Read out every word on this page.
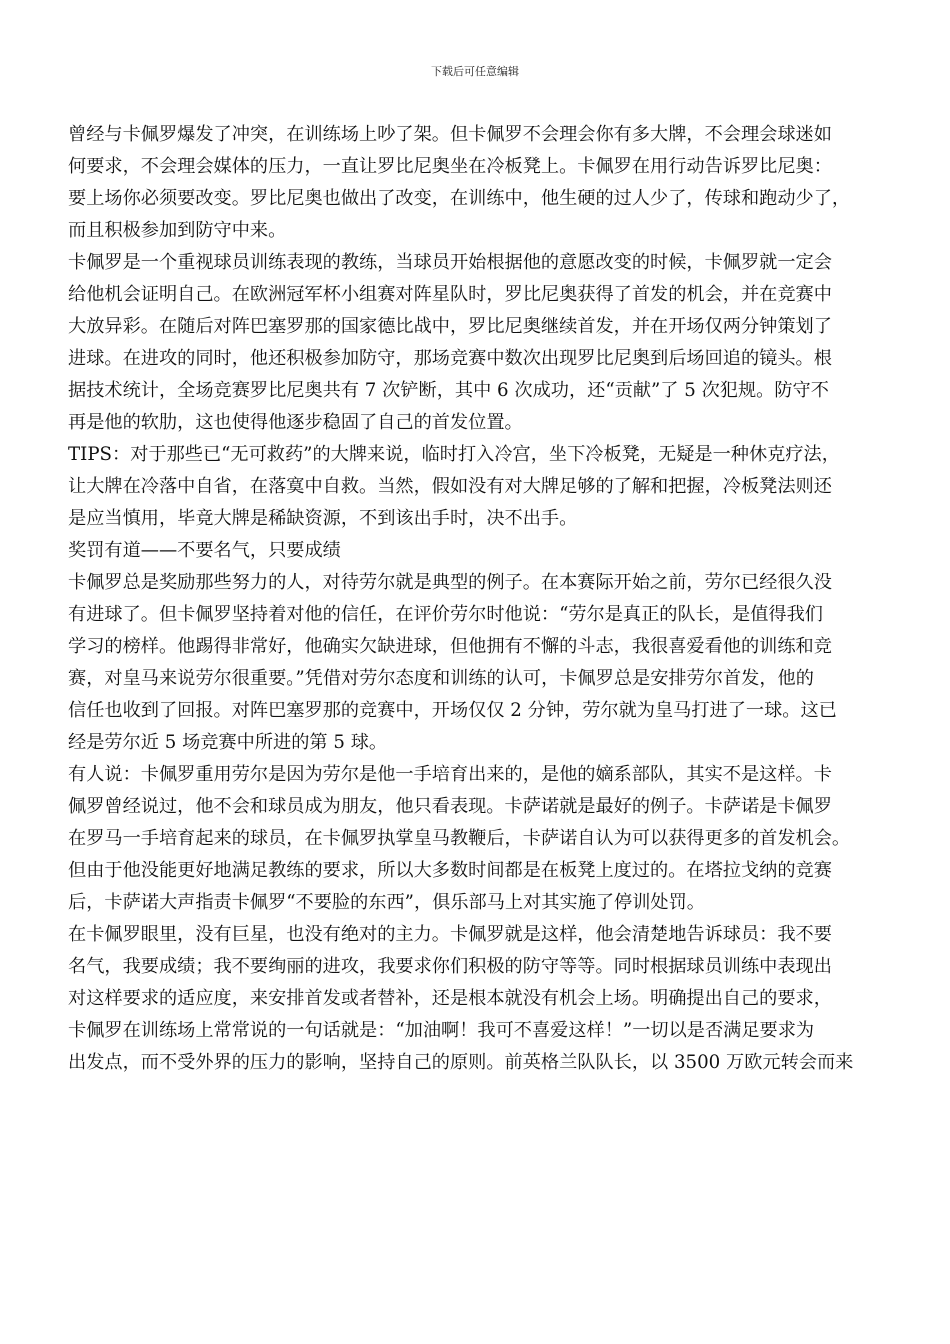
下载后可任意编辑
曾经与卡佩罗爆发了冲突，在训练场上吵了架。但卡佩罗不会理会你有多大牌，不会理会球迷如
何要求，不会理会媒体的压力，一直让罗比尼奥坐在冷板凳上。卡佩罗在用行动告诉罗比尼奥：
要上场你必须要改变。罗比尼奥也做出了改变，在训练中，他生硬的过人少了，传球和跑动少了，
而且积极参加到防守中来。
卡佩罗是一个重视球员训练表现的教练，当球员开始根据他的意愿改变的时候，卡佩罗就一定会
给他机会证明自己。在欧洲冠军杯小组赛对阵星队时，罗比尼奥获得了首发的机会，并在竞赛中
大放异彩。在随后对阵巴塞罗那的国家德比战中，罗比尼奥继续首发，并在开场仅两分钟策划了
进球。在进攻的同时，他还积极参加防守，那场竞赛中数次出现罗比尼奥到后场回追的镜头。根
据技术统计，全场竞赛罗比尼奥共有 7 次铲断，其中 6 次成功，还“贡献”了 5 次犯规。防守不
再是他的软肋，这也使得他逐步稳固了自己的首发位置。
TIPS：对于那些已“无可救药”的大牌来说，临时打入冷宫，坐下冷板凳，无疑是一种休克疗法，
让大牌在冷落中自省，在落寞中自救。当然，假如没有对大牌足够的了解和把握，冷板凳法则还
是应当慎用，毕竟大牌是稀缺资源，不到该出手时，决不出手。
奖罚有道——不要名气，只要成绩
卡佩罗总是奖励那些努力的人，对待劳尔就是典型的例子。在本赛际开始之前，劳尔已经很久没
有进球了。但卡佩罗坚持着对他的信任，在评价劳尔时他说：“劳尔是真正的队长，是值得我们
学习的榜样。他踢得非常好，他确实欠缺进球，但他拥有不懈的斗志，我很喜爱看他的训练和竞
赛，对皇马来说劳尔很重要。”凭借对劳尔态度和训练的认可，卡佩罗总是安排劳尔首发，他的
信任也收到了回报。对阵巴塞罗那的竞赛中，开场仅仅 2 分钟，劳尔就为皇马打进了一球。这已
经是劳尔近 5 场竞赛中所进的第 5 球。
有人说：卡佩罗重用劳尔是因为劳尔是他一手培育出来的，是他的嫡系部队，其实不是这样。卡
佩罗曾经说过，他不会和球员成为朋友，他只看表现。卡萨诺就是最好的例子。卡萨诺是卡佩罗
在罗马一手培育起来的球员，在卡佩罗执掌皇马教鞭后，卡萨诺自认为可以获得更多的首发机会。
但由于他没能更好地满足教练的要求，所以大多数时间都是在板凳上度过的。在塔拉戈纳的竞赛
后，卡萨诺大声指责卡佩罗“不要脸的东西”，俱乐部马上对其实施了停训处罚。
在卡佩罗眼里，没有巨星，也没有绝对的主力。卡佩罗就是这样，他会清楚地告诉球员：我不要
名气，我要成绩；我不要绚丽的进攻，我要求你们积极的防守等等。同时根据球员训练中表现出
对这样要求的适应度，来安排首发或者替补，还是根本就没有机会上场。明确提出自己的要求，
卡佩罗在训练场上常常说的一句话就是：“加油啊！我可不喜爱这样！”一切以是否满足要求为
出发点，而不受外界的压力的影响，坚持自己的原则。前英格兰队队长，以 3500 万欧元转会而来
